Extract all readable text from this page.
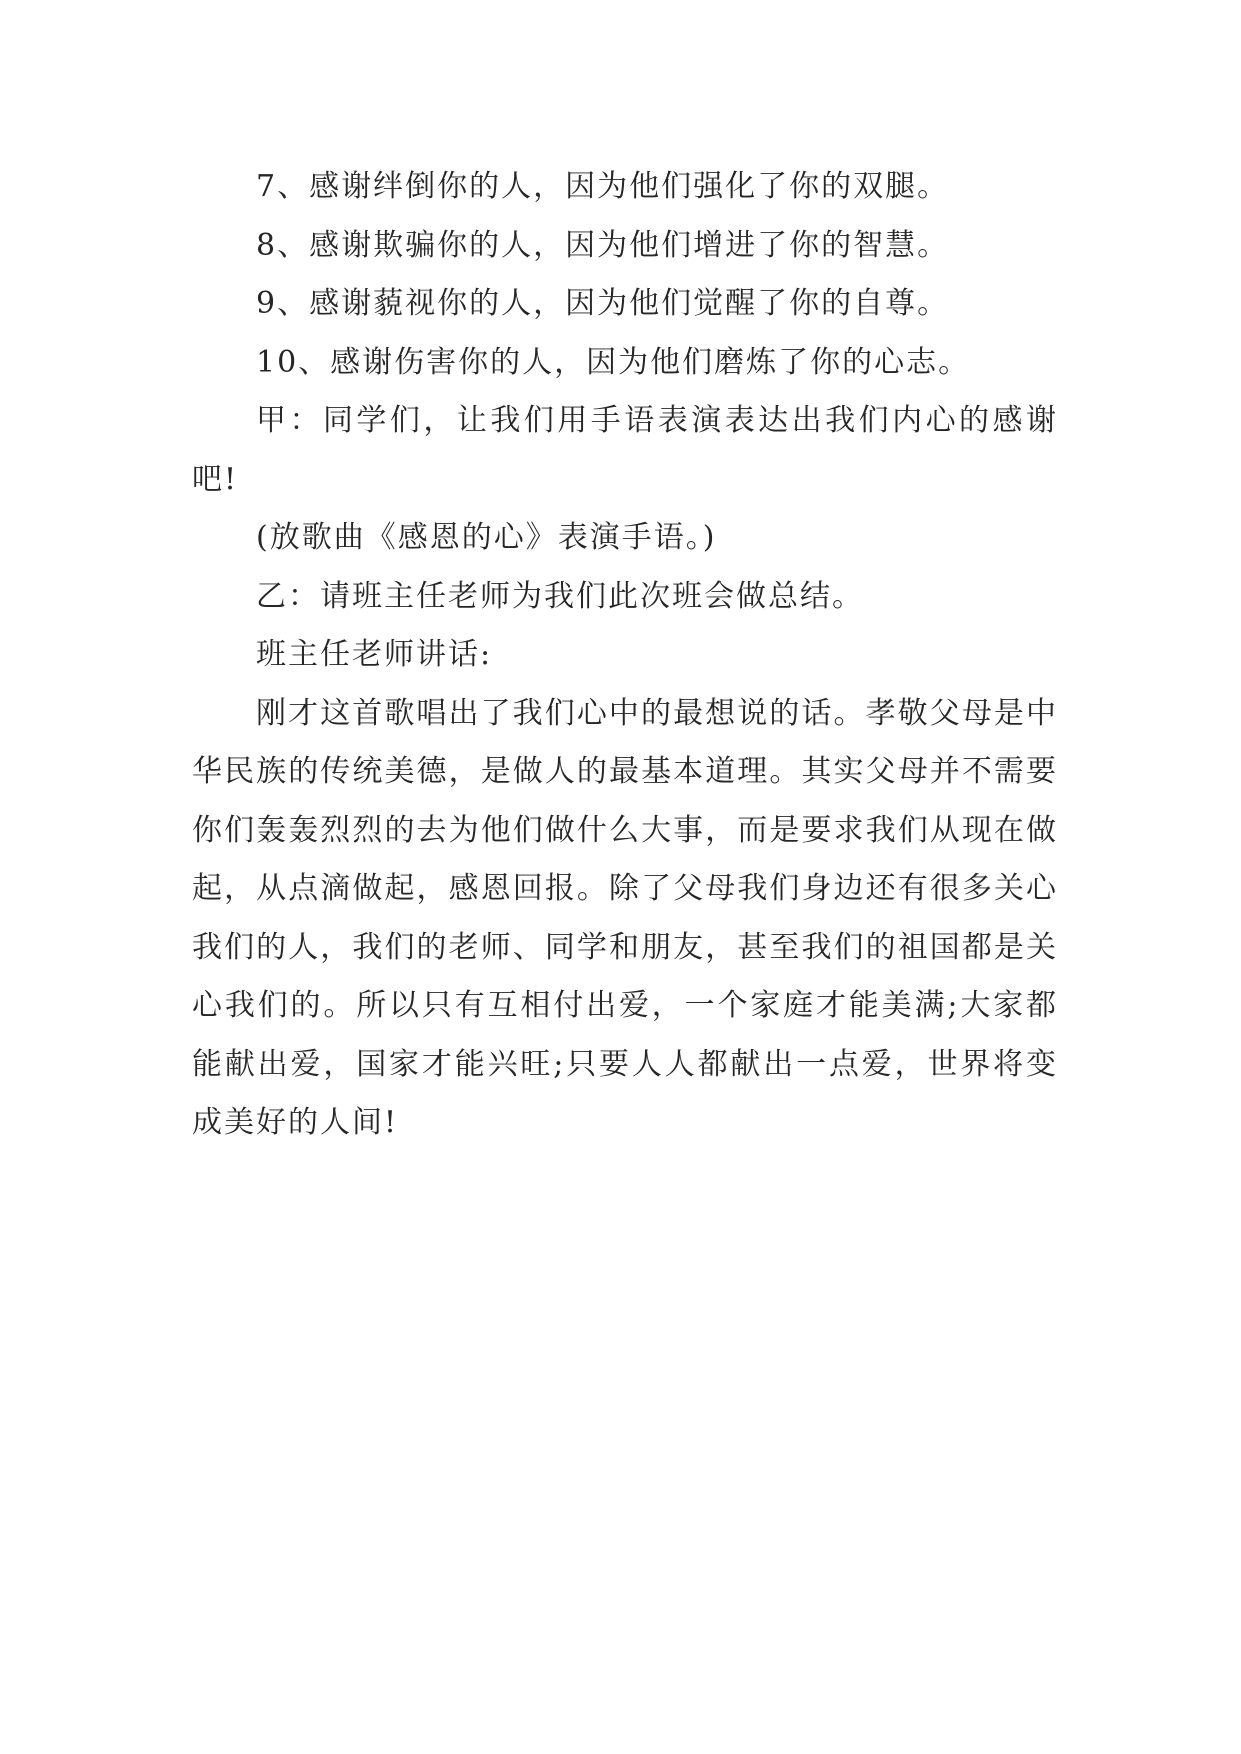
7、感谢绊倒你的人，因为他们强化了你的双腿。

8、感谢欺骗你的人，因为他们增进了你的智慧。

9、感谢藐视你的人，因为他们觉醒了你的自尊。

10、感谢伤害你的人，因为他们磨炼了你的心志。

甲：同学们，让我们用手语表演表达出我们内心的感谢吧!

(放歌曲《感恩的心》表演手语。)

乙：请班主任老师为我们此次班会做总结。

班主任老师讲话:

刚才这首歌唱出了我们心中的最想说的话。孝敬父母是中华民族的传统美德，是做人的最基本道理。其实父母并不需要你们轰轰烈烈的去为他们做什么大事，而是要求我们从现在做起，从点滴做起，感恩回报。除了父母我们身边还有很多关心我们的人，我们的老师、同学和朋友，甚至我们的祖国都是关心我们的。所以只有互相付出爱，一个家庭才能美满;大家都能献出爱，国家才能兴旺;只要人人都献出一点爱，世界将变成美好的人间!
